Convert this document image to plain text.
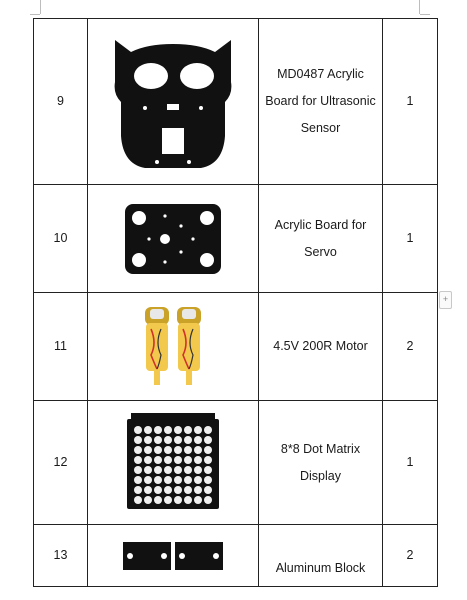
9		MD0487 Acrylic Board for Ultrasonic Sensor	1
10		Acrylic Board for Servo	1
11		4.5V 200R Motor	2
12		8*8 Dot Matrix Display	1
13		Aluminum Block	2
+
